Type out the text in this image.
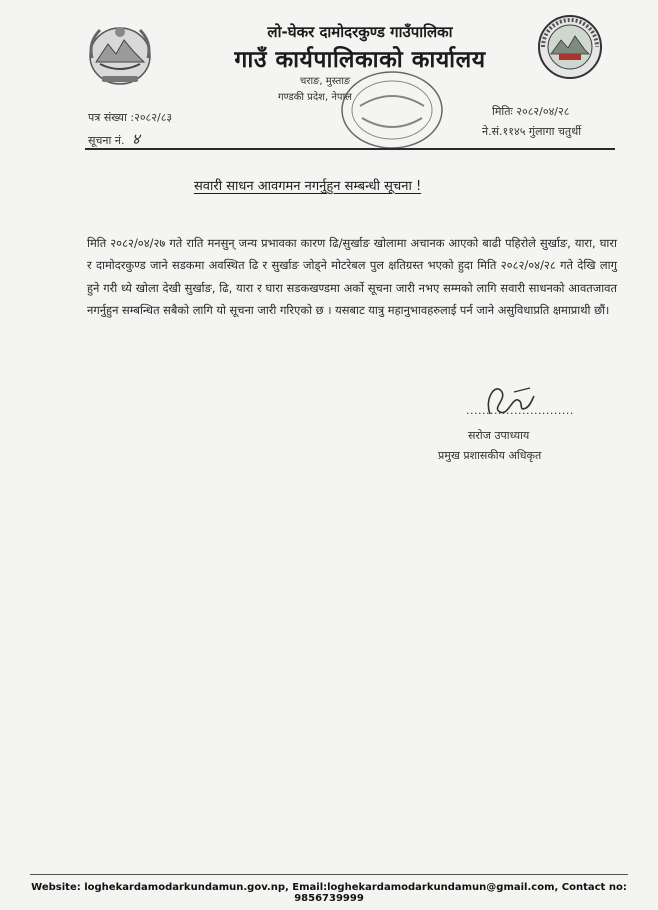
लो-घेकर दामोदरकुण्ड गाउँपालिका
गाउँ कार्यपालिकाको कार्यालय
चराङ, मुस्ताङ
गण्डकी प्रदेश, नेपाल
पत्र संख्या :२०८२/८३
सूचना नं. ४
मितिः २०८२/०४/२८
ने.सं.११४५ गुंलागा चतुर्थी
सवारी साधन आवगमन नगर्नुहुन सम्बन्धी सूचना !
मिति २०८२/०४/२७ गते राति मनसुन् जन्य प्रभावका कारण ढि/सुर्खाङ खोलामा अचानक आएको बाढी पहिरोले सुर्खाङ, यारा, घारा र दामोदरकुण्ड जाने सडकमा अवस्थित ढि र सुर्खाङ जोड्ने मोटरेबल पुल क्षतिग्रस्त भएको हुदा मिति २०८२/०४/२८ गते देखि लागु हुने गरी ध्ये खोला देखी सुर्खाङ, ढि, यारा र घारा सडकखण्डमा अर्को सूचना जारी नभए सम्मको लागि सवारी साधनको आवतजावत नगर्नुहुन सम्बन्धित सबैको लागि यो सूचना जारी गरिएको छ । यसबाट यात्रु महानुभावहरुलाई पर्न जाने असुविधाप्रति क्षमाप्राथी छौं।
...........................
सरोज उपाध्याय
प्रमुख प्रशासकीय अधिकृत
Website: loghekardamodarkundamun.gov.np, Email:loghekardamodarkundamun@gmail.com, Contact no: 9856739999
